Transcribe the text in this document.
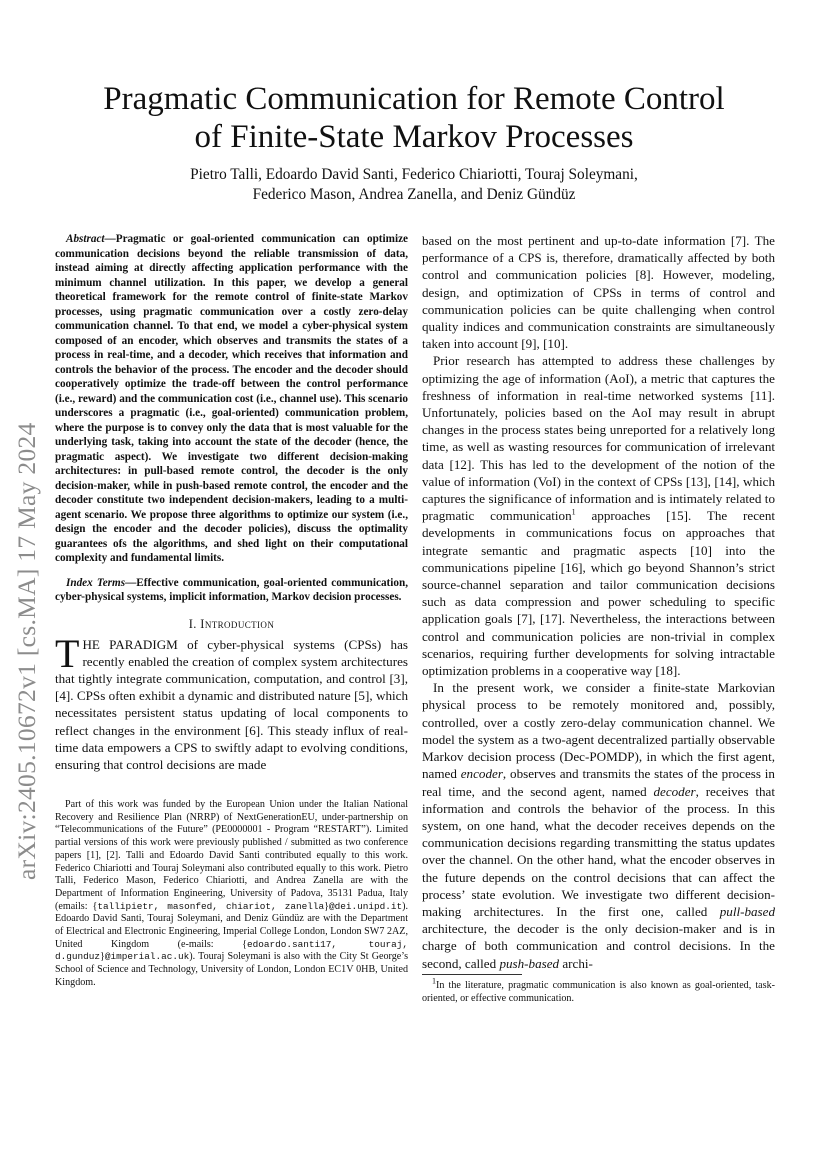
arXiv:2405.10672v1 [cs.MA] 17 May 2024
Pragmatic Communication for Remote Control
of Finite-State Markov Processes
Pietro Talli, Edoardo David Santi, Federico Chiariotti, Touraj Soleymani,
Federico Mason, Andrea Zanella, and Deniz Gündüz

Abstract—Pragmatic or goal-oriented communication can optimize communication decisions beyond the reliable transmission of data, instead aiming at directly affecting application performance with the minimum channel utilization. In this paper, we develop a general theoretical framework for the remote control of finite-state Markov processes, using pragmatic communication over a costly zero-delay communication channel. To that end, we model a cyber-physical system composed of an encoder, which observes and transmits the states of a process in real-time, and a decoder, which receives that information and controls the behavior of the process. The encoder and the decoder should cooperatively optimize the trade-off between the control performance (i.e., reward) and the communication cost (i.e., channel use). This scenario underscores a pragmatic (i.e., goal-oriented) communication problem, where the purpose is to convey only the data that is most valuable for the underlying task, taking into account the state of the decoder (hence, the pragmatic aspect). We investigate two different decision-making architectures: in pull-based remote control, the decoder is the only decision-maker, while in push-based remote control, the encoder and the decoder constitute two independent decision-makers, leading to a multi-agent scenario. We propose three algorithms to optimize our system (i.e., design the encoder and the decoder policies), discuss the optimality guarantees ofs the algorithms, and shed light on their computational complexity and fundamental limits.

Index Terms—Effective communication, goal-oriented communication, cyber-physical systems, implicit information, Markov decision processes.

I. Introduction

THE PARADIGM of cyber-physical systems (CPSs) has recently enabled the creation of complex system architectures that tightly integrate communication, computation, and control [3], [4]. CPSs often exhibit a dynamic and distributed nature [5], which necessitates persistent status updating of local components to reflect changes in the environment [6]. This steady influx of real-time data empowers a CPS to swiftly adapt to evolving conditions, ensuring that control decisions are made

Part of this work was funded by the European Union under the Italian National Recovery and Resilience Plan (NRRP) of NextGenerationEU, under-partnership on “Telecommunications of the Future” (PE0000001 - Program “RESTART”). Limited partial versions of this work were previously published / submitted as two conference papers [1], [2]. Talli and Edoardo David Santi contributed equally to this work. Federico Chiariotti and Touraj Soleymani also contributed equally to this work. Pietro Talli, Federico Mason, Federico Chiariotti, and Andrea Zanella are with the Department of Information Engineering, University of Padova, 35131 Padua, Italy (emails: {tallipietr, masonfed, chiariot, zanella}@dei.unipd.it). Edoardo David Santi, Touraj Soleymani, and Deniz Gündüz are with the Department of Electrical and Electronic Engineering, Imperial College London, London SW7 2AZ, United Kingdom (e-mails: {edoardo.santi17, touraj, d.gunduz}@imperial.ac.uk). Touraj Soleymani is also with the City St George’s School of Science and Technology, University of London, London EC1V 0HB, United Kingdom.

based on the most pertinent and up-to-date information [7]. The performance of a CPS is, therefore, dramatically affected by both control and communication policies [8]. However, modeling, design, and optimization of CPSs in terms of control and communication policies can be quite challenging when control quality indices and communication constraints are simultaneously taken into account [9], [10].

Prior research has attempted to address these challenges by optimizing the age of information (AoI), a metric that captures the freshness of information in real-time networked systems [11]. Unfortunately, policies based on the AoI may result in abrupt changes in the process states being unreported for a relatively long time, as well as wasting resources for communication of irrelevant data [12]. This has led to the development of the notion of the value of information (VoI) in the context of CPSs [13], [14], which captures the significance of information and is intimately related to pragmatic communication$^1$ approaches [15]. The recent developments in communications focus on approaches that integrate semantic and pragmatic aspects [10] into the communications pipeline [16], which go beyond Shannon’s strict source-channel separation and tailor communication decisions such as data compression and power scheduling to specific application goals [7], [17]. Nevertheless, the interactions between control and communication policies are non-trivial in complex scenarios, requiring further developments for solving intractable optimization problems in a cooperative way [18].

In the present work, we consider a finite-state Markovian physical process to be remotely monitored and, possibly, controlled, over a costly zero-delay communication channel. We model the system as a two-agent decentralized partially observable Markov decision process (Dec-POMDP), in which the first agent, named encoder, observes and transmits the states of the process in real time, and the second agent, named decoder, receives that information and controls the behavior of the process. In this system, on one hand, what the decoder receives depends on the communication decisions regarding transmitting the status updates over the channel. On the other hand, what the encoder observes in the future depends on the control decisions that can affect the process’ state evolution. We investigate two different decision-making architectures. In the first one, called pull-based architecture, the decoder is the only decision-maker and is in charge of both communication and control decisions. In the second, called push-based archi-

$^1$In the literature, pragmatic communication is also known as goal-oriented, task-oriented, or effective communication.
